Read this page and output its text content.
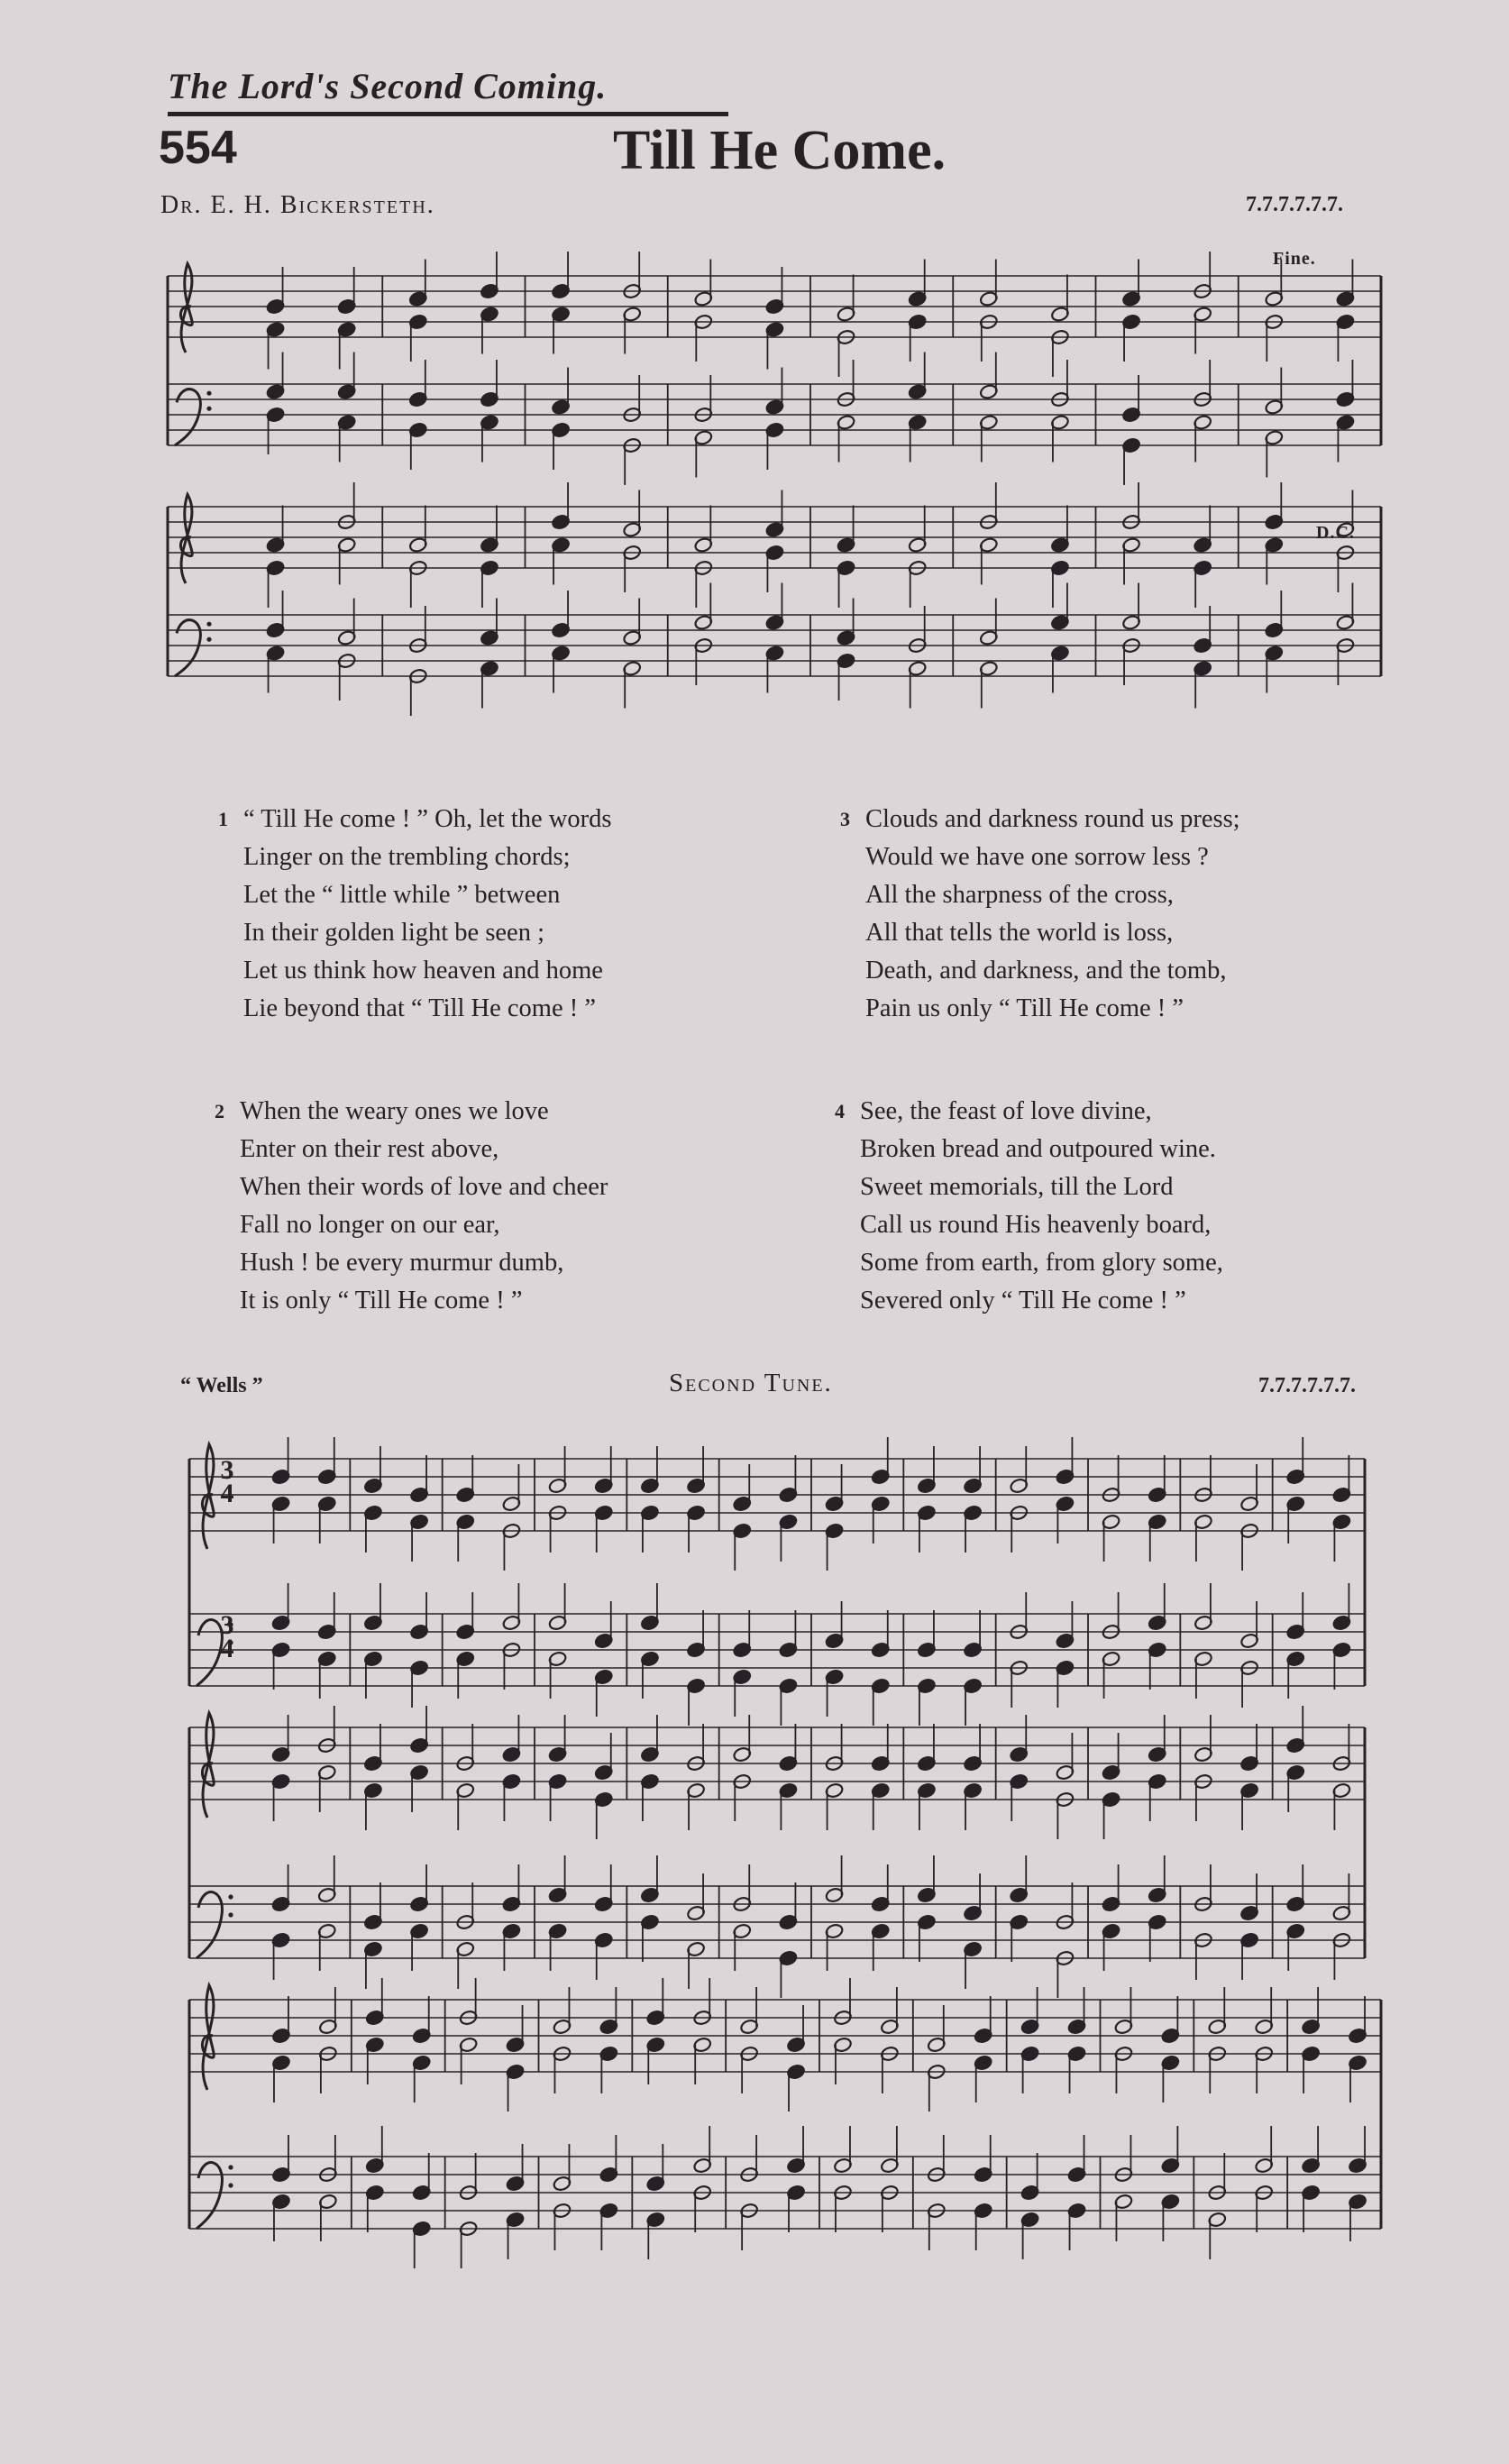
The Lord's Second Coming.
554	Till He Come.
Dr. E. H. Bickersteth.	7.7.7.7.7.7.
Fine.
D.C.
3
4
3
4
1 “ Till He come ! ” Oh, let the words
Linger on the trembling chords;
Let the “ little while ” between
In their golden light be seen ;
Let us think how heaven and home
Lie beyond that “ Till He come ! ”
3 Clouds and darkness round us press;
Would we have one sorrow less ?
All the sharpness of the cross,
All that tells the world is loss,
Death, and darkness, and the tomb,
Pain us only “ Till He come ! ”
2 When the weary ones we love
Enter on their rest above,
When their words of love and cheer
Fall no longer on our ear,
Hush ! be every murmur dumb,
It is only “ Till He come ! ”
4 See, the feast of love divine,
Broken bread and outpoured wine.
Sweet memorials, till the Lord
Call us round His heavenly board,
Some from earth, from glory some,
Severed only “ Till He come ! ”
“ Wells ”	Second Tune.	7.7.7.7.7.7.
